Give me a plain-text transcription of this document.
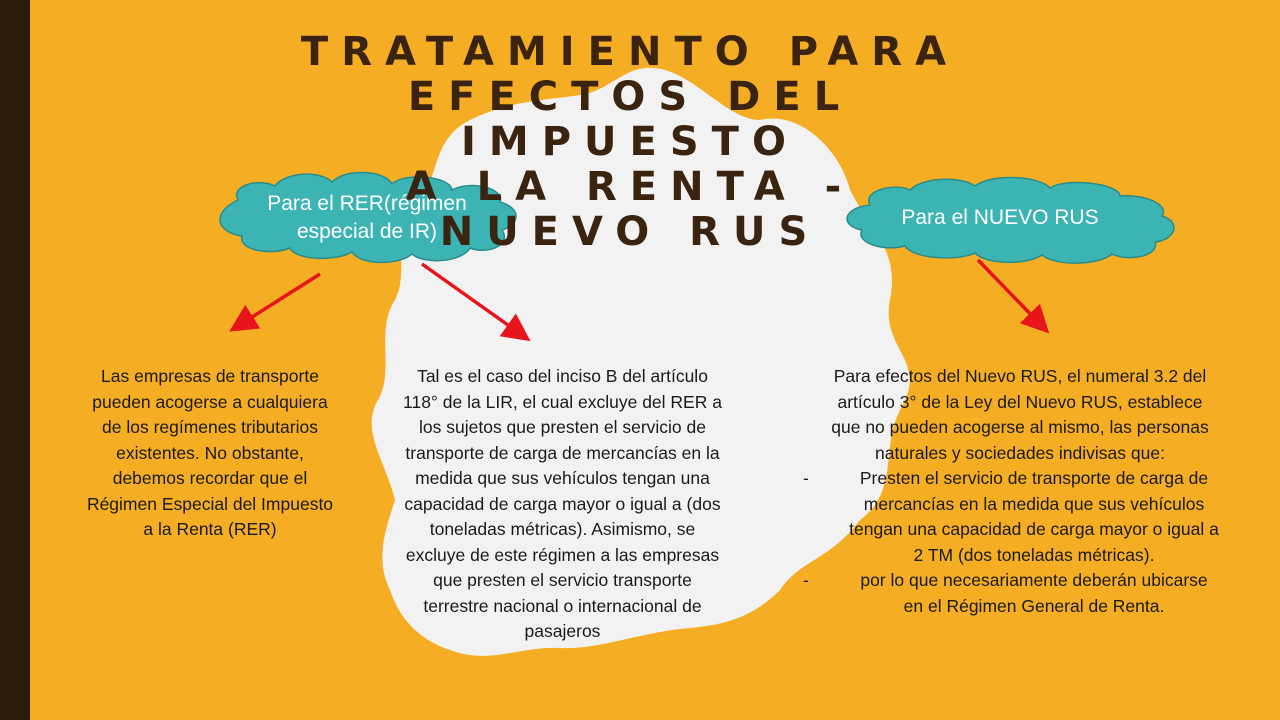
TRATAMIENTO PARA
EFECTOS DEL IMPUESTO
A LA RENTA - NUEVO RUS
Para el RER(régimen
especial de IR)
Para el NUEVO RUS
Las empresas de transporte
pueden acogerse a cualquiera
de los regímenes tributarios
existentes. No obstante,
debemos recordar que el
Régimen Especial del Impuesto
a la Renta (RER)
Tal es el caso del inciso B del artículo
118° de la LIR, el cual excluye del RER a
los sujetos que presten el servicio de
transporte de carga de mercancías en la
medida que sus vehículos tengan una
capacidad de carga mayor o igual a (dos
toneladas métricas). Asimismo, se
excluye de este régimen a las empresas
que presten el servicio transporte
terrestre nacional o internacional de
pasajeros
Para efectos del Nuevo RUS, el numeral 3.2 del
artículo 3° de la Ley del Nuevo RUS, establece
que no pueden acogerse al mismo, las personas
naturales y sociedades indivisas que:
-	Presten el servicio de transporte de carga de
mercancías en la medida que sus vehículos
tengan una capacidad de carga mayor o igual a
2 TM (dos toneladas métricas).
-	por lo que necesariamente deberán ubicarse
en el Régimen General de Renta.
